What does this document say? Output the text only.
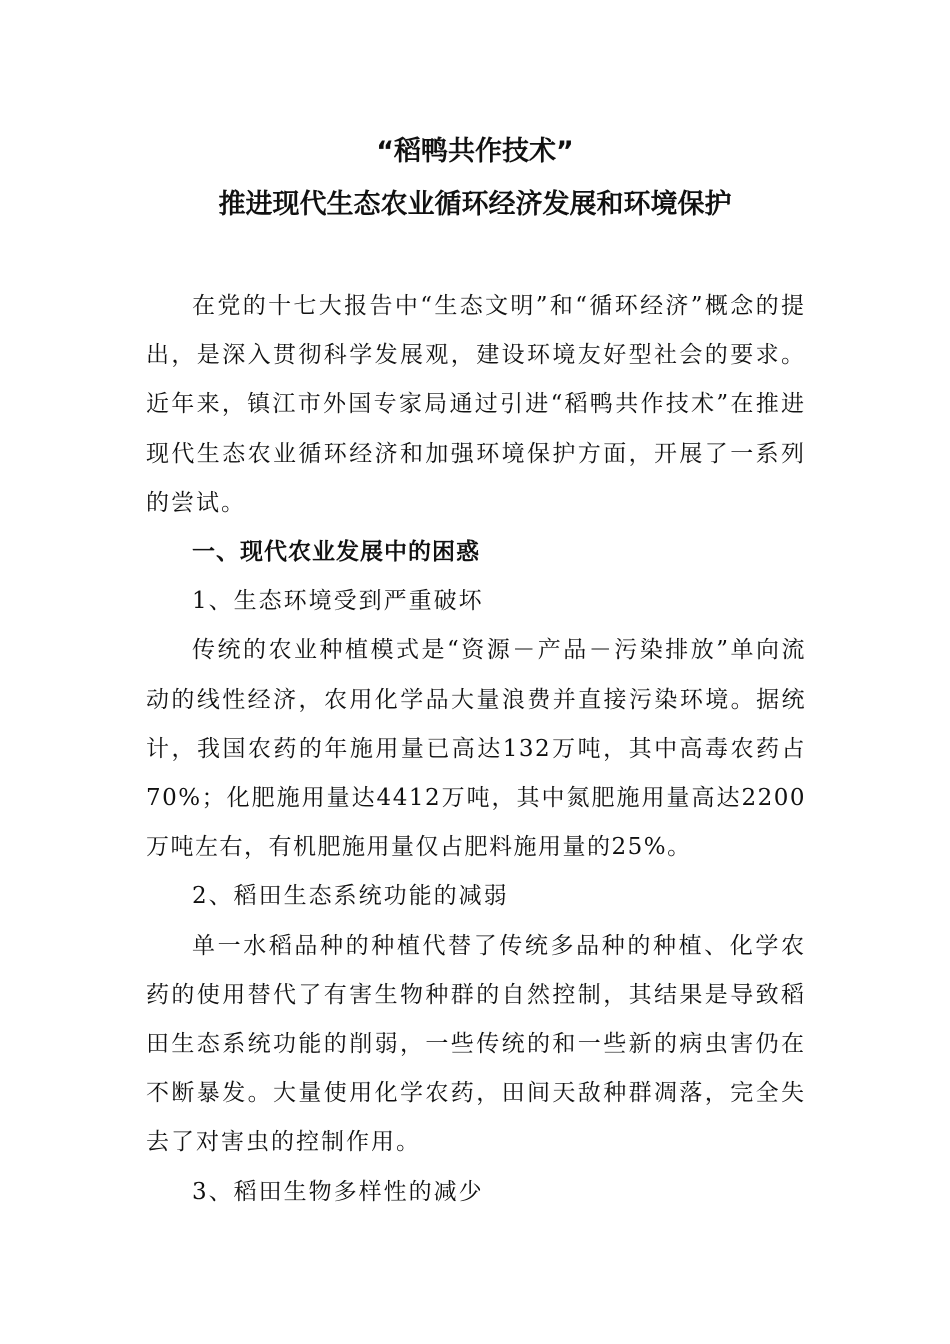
“稻鸭共作技术”
推进现代生态农业循环经济发展和环境保护

在党的十七大报告中“生态文明”和“循环经济”概念的提出，是深入贯彻科学发展观，建设环境友好型社会的要求。近年来，镇江市外国专家局通过引进“稻鸭共作技术”在推进现代生态农业循环经济和加强环境保护方面，开展了一系列的尝试。

一、现代农业发展中的困惑

1、生态环境受到严重破坏

传统的农业种植模式是“资源－产品－污染排放”单向流动的线性经济，农用化学品大量浪费并直接污染环境。据统计，我国农药的年施用量已高达132万吨，其中高毒农药占70%；化肥施用量达4412万吨，其中氮肥施用量高达2200万吨左右，有机肥施用量仅占肥料施用量的25%。

2、稻田生态系统功能的减弱

单一水稻品种的种植代替了传统多品种的种植、化学农药的使用替代了有害生物种群的自然控制，其结果是导致稻田生态系统功能的削弱，一些传统的和一些新的病虫害仍在不断暴发。大量使用化学农药，田间天敌种群凋落，完全失去了对害虫的控制作用。

3、稻田生物多样性的减少
